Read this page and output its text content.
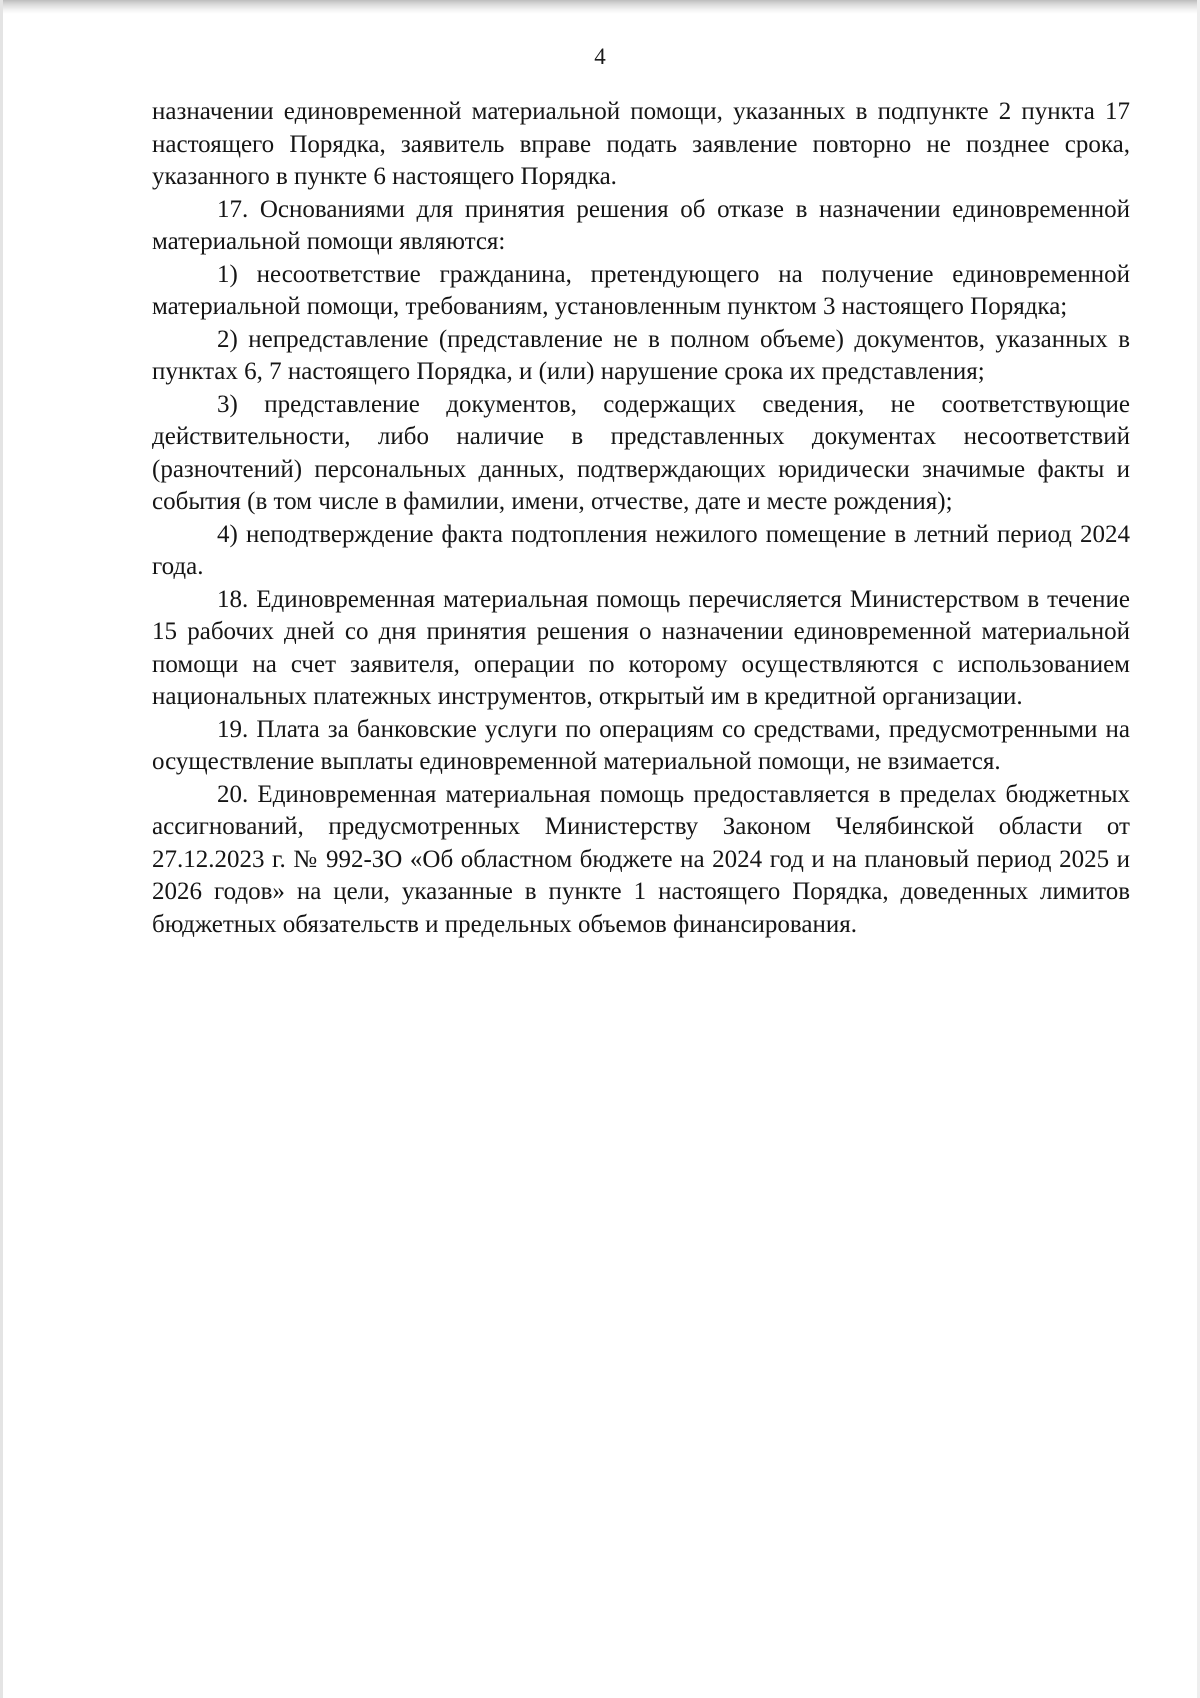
4

назначении единовременной материальной помощи, указанных в подпункте 2 пункта 17 настоящего Порядка, заявитель вправе подать заявление повторно не позднее срока, указанного в пункте 6 настоящего Порядка.

17. Основаниями для принятия решения об отказе в назначении единовременной материальной помощи являются:

1) несоответствие гражданина, претендующего на получение единовременной материальной помощи, требованиям, установленным пунктом 3 настоящего Порядка;

2) непредставление (представление не в полном объеме) документов, указанных в пунктах 6, 7 настоящего Порядка, и (или) нарушение срока их представления;

3) представление документов, содержащих сведения, не соответствующие действительности, либо наличие в представленных документах несоответствий (разночтений) персональных данных, подтверждающих юридически значимые факты и события (в том числе в фамилии, имени, отчестве, дате и месте рождения);

4) неподтверждение факта подтопления нежилого помещение в летний период 2024 года.

18. Единовременная материальная помощь перечисляется Министерством в течение 15 рабочих дней со дня принятия решения о назначении единовременной материальной помощи на счет заявителя, операции по которому осуществляются с использованием национальных платежных инструментов, открытый им в кредитной организации.

19. Плата за банковские услуги по операциям со средствами, предусмотренными на осуществление выплаты единовременной материальной помощи, не взимается.

20. Единовременная материальная помощь предоставляется в пределах бюджетных ассигнований, предусмотренных Министерству Законом Челябинской области от 27.12.2023 г. № 992-ЗО «Об областном бюджете на 2024 год и на плановый период 2025 и 2026 годов» на цели, указанные в пункте 1 настоящего Порядка, доведенных лимитов бюджетных обязательств и предельных объемов финансирования.
